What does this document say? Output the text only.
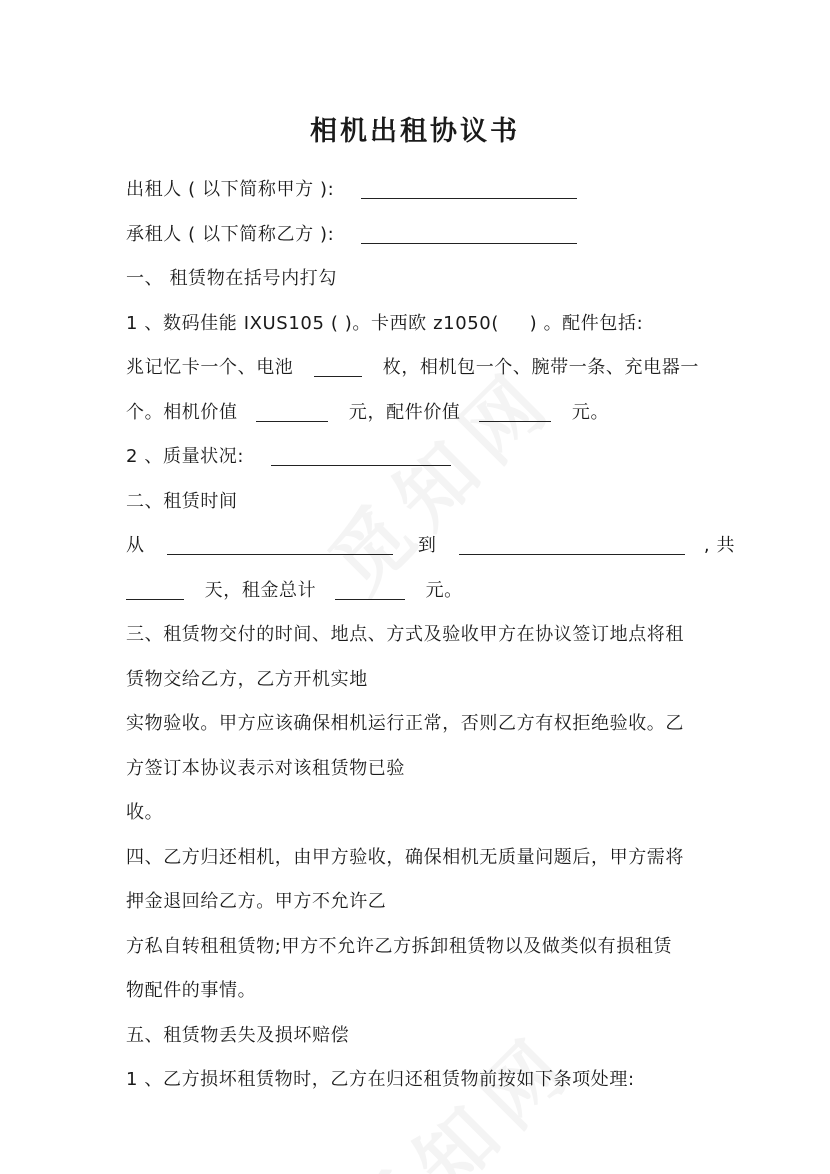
相机出租协议书
出租人 ( 以下简称甲方 ):
承租人 ( 以下简称乙方 ):
一、 租赁物在括号内打勾
1 、数码佳能 IXUS105 ( )。卡西欧 z1050( ) 。配件包括:
兆记忆卡一个、电池	枚，相机包一个、腕带一条、充电器一
个。相机价值	元，配件价值	元。
2 、质量状况:
二、租赁时间
从	到	, 共
天，租金总计	元。
三、租赁物交付的时间、地点、方式及验收甲方在协议签订地点将租
赁物交给乙方，乙方开机实地
实物验收。甲方应该确保相机运行正常，否则乙方有权拒绝验收。乙
方签订本协议表示对该租赁物已验
收。
四、乙方归还相机，由甲方验收，确保相机无质量问题后，甲方需将
押金退回给乙方。甲方不允许乙
方私自转租租赁物;甲方不允许乙方拆卸租赁物以及做类似有损租赁
物配件的事情。
五、租赁物丢失及损坏赔偿
1 、乙方损坏租赁物时，乙方在归还租赁物前按如下条项处理:
